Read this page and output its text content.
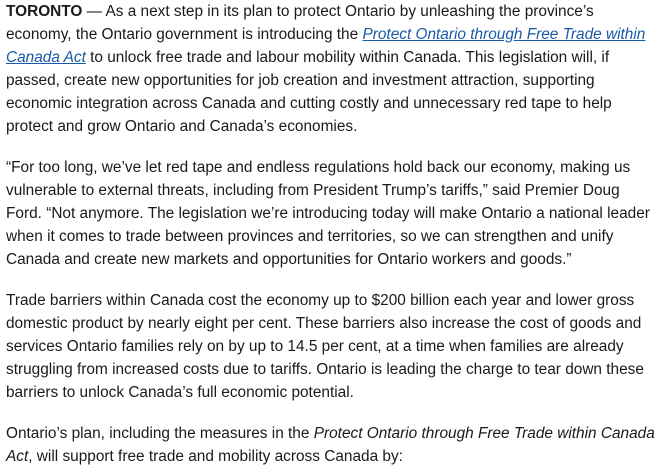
TORONTO — As a next step in its plan to protect Ontario by unleashing the province’s economy, the Ontario government is introducing the Protect Ontario through Free Trade within Canada Act to unlock free trade and labour mobility within Canada. This legislation will, if passed, create new opportunities for job creation and investment attraction, supporting economic integration across Canada and cutting costly and unnecessary red tape to help protect and grow Ontario and Canada’s economies.

“For too long, we’ve let red tape and endless regulations hold back our economy, making us vulnerable to external threats, including from President Trump’s tariffs,” said Premier Doug Ford. “Not anymore. The legislation we’re introducing today will make Ontario a national leader when it comes to trade between provinces and territories, so we can strengthen and unify Canada and create new markets and opportunities for Ontario workers and goods.”

Trade barriers within Canada cost the economy up to $200 billion each year and lower gross domestic product by nearly eight per cent. These barriers also increase the cost of goods and services Ontario families rely on by up to 14.5 per cent, at a time when families are already struggling from increased costs due to tariffs. Ontario is leading the charge to tear down these barriers to unlock Canada’s full economic potential.

Ontario’s plan, including the measures in the Protect Ontario through Free Trade within Canada Act, will support free trade and mobility across Canada by:
